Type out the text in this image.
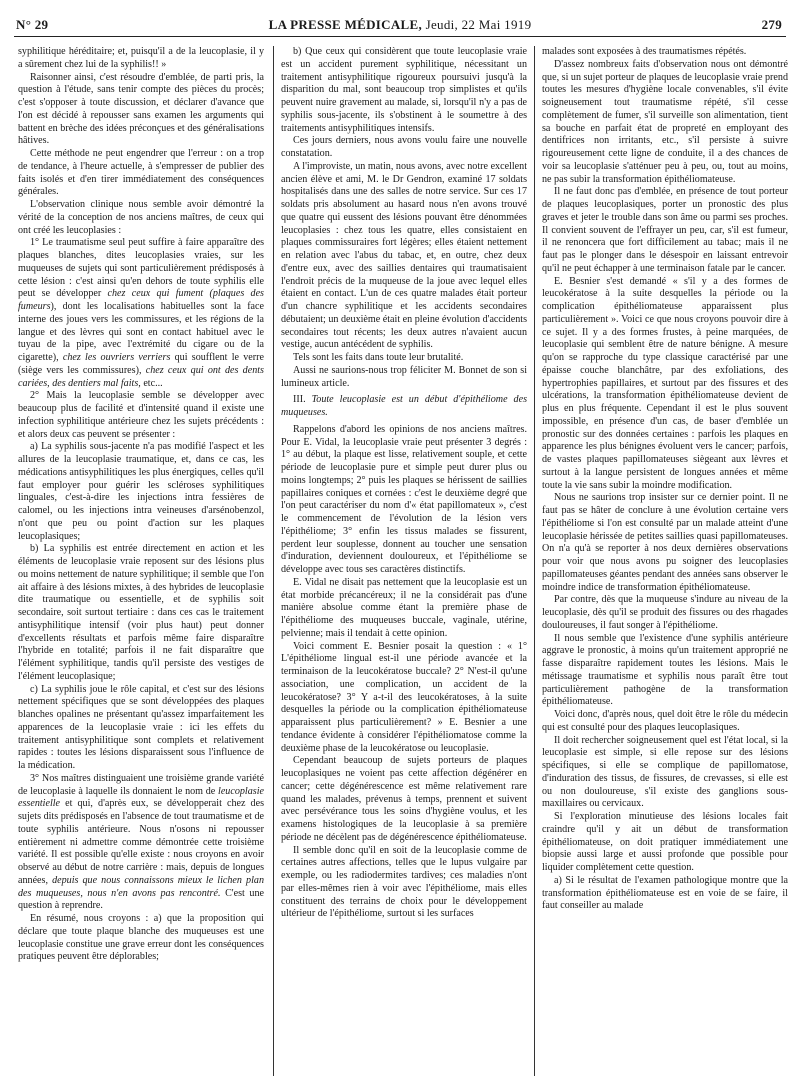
N° 29	LA PRESSE MÉDICALE, Jeudi, 22 Mai 1919	279

syphilitique héréditaire; et, puisqu'il a de la leucoplasie, il y a sûrement chez lui de la syphilis!! »

Raisonner ainsi, c'est résoudre d'emblée, de parti pris, la question à l'étude, sans tenir compte des pièces du procès; c'est s'opposer à toute discussion, et déclarer d'avance que l'on est décidé à repousser sans examen les arguments qui battent en brèche des idées préconçues et des généralisations hâtives.

Cette méthode ne peut engendrer que l'erreur : on a trop de tendance, à l'heure actuelle, à s'empresser de publier des faits isolés et d'en tirer immédiatement des conséquences générales.

L'observation clinique nous semble avoir démontré la vérité de la conception de nos anciens maîtres, de ceux qui ont créé les leucoplasies :

1° Le traumatisme seul peut suffire à faire apparaître des plaques blanches, dites leucoplasies vraies, sur les muqueuses de sujets qui sont particulièrement prédisposés à cette lésion : c'est ainsi qu'en dehors de toute syphilis elle peut se développer chez ceux qui fument (plaques des fumeurs), dont les localisations habituelles sont la face interne des joues vers les commissures, et les régions de la langue et des lèvres qui sont en contact habituel avec le tuyau de la pipe, avec l'extrémité du cigare ou de la cigarette), chez les ouvriers verriers qui soufflent le verre (siège vers les commissures), chez ceux qui ont des dents cariées, des dentiers mal faits, etc...

2° Mais la leucoplasie semble se développer avec beaucoup plus de facilité et d'intensité quand il existe une infection syphilitique antérieure chez les sujets précédents : et alors deux cas peuvent se présenter :

a) La syphilis sous-jacente n'a pas modifié l'aspect et les allures de la leucoplasie traumatique, et, dans ce cas, les médications antisyphilitiques les plus énergiques, celles qu'il faut employer pour guérir les scléroses syphilitiques linguales, c'est-à-dire les injections intra fessières de calomel, ou les injections intra veineuses d'arsénobenzol, n'ont que peu ou point d'action sur les plaques leucoplasiques;

b) La syphilis est entrée directement en action et les éléments de leucoplasie vraie reposent sur des lésions plus ou moins nettement de nature syphilitique; il semble que l'on ait affaire à des lésions mixtes, à des hybrides de leucoplasie dite traumatique ou essentielle, et de syphilis soit secondaire, soit surtout tertiaire : dans ces cas le traitement antisyphilitique intensif (voir plus haut) peut donner d'excellents résultats et parfois même faire disparaître l'hybride en totalité; parfois il ne fait disparaître que l'élément syphilitique, tandis qu'il persiste des vestiges de l'élément leucoplasique;

c) La syphilis joue le rôle capital, et c'est sur des lésions nettement spécifiques que se sont développées des plaques blanches opalines ne présentant qu'assez imparfaitement les apparences de la leucoplasie vraie : ici les effets du traitement antisyphilitique sont complets et relativement rapides : toutes les lésions disparaissent sous l'influence de la médication.

3° Nos maîtres distinguaient une troisième grande variété de leucoplasie à laquelle ils donnaient le nom de leucoplasie essentielle et qui, d'après eux, se développerait chez des sujets dits prédisposés en l'absence de tout traumatisme et de toute syphilis antérieure. Nous n'osons ni repousser entièrement ni admettre comme démontrée cette troisième variété. Il est possible qu'elle existe : nous croyons en avoir observé au début de notre carrière : mais, depuis de longues années, depuis que nous connaissons mieux le lichen plan des muqueuses, nous n'en avons pas rencontré. C'est une question à reprendre.

En résumé, nous croyons : a) que la proposition qui déclare que toute plaque blanche des muqueuses est une leucoplasie constitue une grave erreur dont les conséquences pratiques peuvent être déplorables;

b) Que ceux qui considèrent que toute leucoplasie vraie est un accident purement syphilitique, nécessitant un traitement antisyphilitique rigoureux poursuivi jusqu'à la disparition du mal, sont beaucoup trop simplistes et qu'ils peuvent nuire gravement au malade, si, lorsqu'il n'y a pas de syphilis sous-jacente, ils s'obstinent à le soumettre à des traitements antisyphilitiques intensifs.

Ces jours derniers, nous avons voulu faire une nouvelle constatation.

A l'improviste, un matin, nous avons, avec notre excellent ancien élève et ami, M. le Dr Gendron, examiné 17 soldats hospitalisés dans une des salles de notre service. Sur ces 17 soldats pris absolument au hasard nous n'en avons trouvé que quatre qui eussent des lésions pouvant être dénommées leucoplasies : chez tous les quatre, elles consistaient en plaques commissuraires fort légères; elles étaient nettement en relation avec l'abus du tabac, et, en outre, chez deux d'entre eux, avec des saillies dentaires qui traumatisaient l'endroit précis de la muqueuse de la joue avec lequel elles étaient en contact. L'un de ces quatre malades était porteur d'un chancre syphilitique et les accidents secondaires débutaient; un deuxième était en pleine évolution d'accidents secondaires tout récents; les deux autres n'avaient aucun vestige, aucun antécédent de syphilis.

Tels sont les faits dans toute leur brutalité.

Aussi ne saurions-nous trop féliciter M. Bonnet de son si lumineux article.

III. Toute leucoplasie est un début d'épithéliome des muqueuses.

Rappelons d'abord les opinions de nos anciens maîtres. Pour E. Vidal, la leucoplasie vraie peut présenter 3 degrés : 1° au début, la plaque est lisse, relativement souple, et cette période de leucoplasie pure et simple peut durer plus ou moins longtemps; 2° puis les plaques se hérissent de saillies papillaires coniques et cornées : c'est le deuxième degré que l'on peut caractériser du nom d'« état papillomateux », c'est le commencement de l'évolution de la lésion vers l'épithéliome; 3° enfin les tissus malades se fissurent, perdent leur souplesse, donnent au toucher une sensation d'induration, deviennent douloureux, et l'épithéliome se développe avec tous ses caractères distinctifs.

E. Vidal ne disait pas nettement que la leucoplasie est un état morbide précancéreux; il ne la considérait pas d'une manière absolue comme étant la première phase de l'épithéliome des muqueuses buccale, vaginale, utérine, pelvienne; mais il tendait à cette opinion.

Voici comment E. Besnier posait la question : « 1° L'épithéliome lingual est-il une période avancée et la terminaison de la leucokératose buccale? 2° N'est-il qu'une association, une complication, un accident de la leucokératose? 3° Y a-t-il des leucokératoses, à la suite desquelles la période ou la complication épithéliomateuse apparaissent plus particulièrement? » E. Besnier a une tendance évidente à considérer l'épithéliomatose comme la deuxième phase de la leucokératose ou leucoplasie.

Cependant beaucoup de sujets porteurs de plaques leucoplasiques ne voient pas cette affection dégénérer en cancer; cette dégénérescence est même relativement rare quand les malades, prévenus à temps, prennent et suivent avec persévérance tous les soins d'hygiène voulus, et les examens histologiques de la leucoplasie à sa première période ne décèlent pas de dégénérescence épithéliomateuse.

Il semble donc qu'il en soit de la leucoplasie comme de certaines autres affections, telles que le lupus vulgaire par exemple, ou les radiodermites tardives; ces maladies n'ont par elles-mêmes rien à voir avec l'épithéliome, mais elles constituent des terrains de choix pour le développement ultérieur de l'épithéliome, surtout si les surfaces

malades sont exposées à des traumatismes répétés.

D'assez nombreux faits d'observation nous ont démontré que, si un sujet porteur de plaques de leucoplasie vraie prend toutes les mesures d'hygiène locale convenables, s'il évite soigneusement tout traumatisme répété, s'il cesse complètement de fumer, s'il surveille son alimentation, tient sa bouche en parfait état de propreté en employant des dentifrices non irritants, etc., s'il persiste à suivre rigoureusement cette ligne de conduite, il a des chances de voir sa leucoplasie s'atténuer peu à peu, ou, tout au moins, ne pas subir la transformation épithéliomateuse.

Il ne faut donc pas d'emblée, en présence de tout porteur de plaques leucoplasiques, porter un pronostic des plus graves et jeter le trouble dans son âme ou parmi ses proches. Il convient souvent de l'effrayer un peu, car, s'il est fumeur, il ne renoncera que fort difficilement au tabac; mais il ne faut pas le plonger dans le désespoir en laissant entrevoir qu'il ne peut échapper à une terminaison fatale par le cancer.

E. Besnier s'est demandé « s'il y a des formes de leucokératose à la suite desquelles la période ou la complication épithéliomateuse apparaissent plus particulièrement ». Voici ce que nous croyons pouvoir dire à ce sujet. Il y a des formes frustes, à peine marquées, de leucoplasie qui semblent être de nature bénigne. A mesure qu'on se rapproche du type classique caractérisé par une épaisse couche blanchâtre, par des exfoliations, des hypertrophies papillaires, et surtout par des fissures et des ulcérations, la transformation épithéliomateuse devient de plus en plus fréquente. Cependant il est le plus souvent impossible, en présence d'un cas, de baser d'emblée un pronostic sur des données certaines : parfois les plaques en apparence les plus bénignes évoluent vers le cancer; parfois, de vastes plaques papillomateuses siègeant aux lèvres et surtout à la langue persistent de longues années et même toute la vie sans subir la moindre modification.

Nous ne saurions trop insister sur ce dernier point. Il ne faut pas se hâter de conclure à une évolution certaine vers l'épithéliome si l'on est consulté par un malade atteint d'une leucoplasie hérissée de petites saillies quasi papillomateuses. On n'a qu'à se reporter à nos deux dernières observations pour voir que nous avons pu soigner des leucoplasies papillomateuses géantes pendant des années sans observer le moindre indice de transformation épithéliomateuse.

Par contre, dès que la muqueuse s'indure au niveau de la leucoplasie, dès qu'il se produit des fissures ou des rhagades douloureuses, il faut songer à l'épithéliome.

Il nous semble que l'existence d'une syphilis antérieure aggrave le pronostic, à moins qu'un traitement approprié ne fasse disparaître rapidement toutes les lésions. Mais le métissage traumatisme et syphilis nous paraît être tout particulièrement pathogène de la transformation épithéliomateuse.

Voici donc, d'après nous, quel doit être le rôle du médecin qui est consulté pour des plaques leucoplasiques.

Il doit rechercher soigneusement quel est l'état local, si la leucoplasie est simple, si elle repose sur des lésions spécifiques, si elle se complique de papillomatose, d'induration des tissus, de fissures, de crevasses, si elle est ou non douloureuse, s'il existe des ganglions sous-maxillaires ou cervicaux.

Si l'exploration minutieuse des lésions locales fait craindre qu'il y ait un début de transformation épithéliomateuse, on doit pratiquer immédiatement une biopsie aussi large et aussi profonde que possible pour liquider complètement cette question.

a) Si le résultat de l'examen pathologique montre que la transformation épithéliomateuse est en voie de se faire, il faut conseiller au malade
